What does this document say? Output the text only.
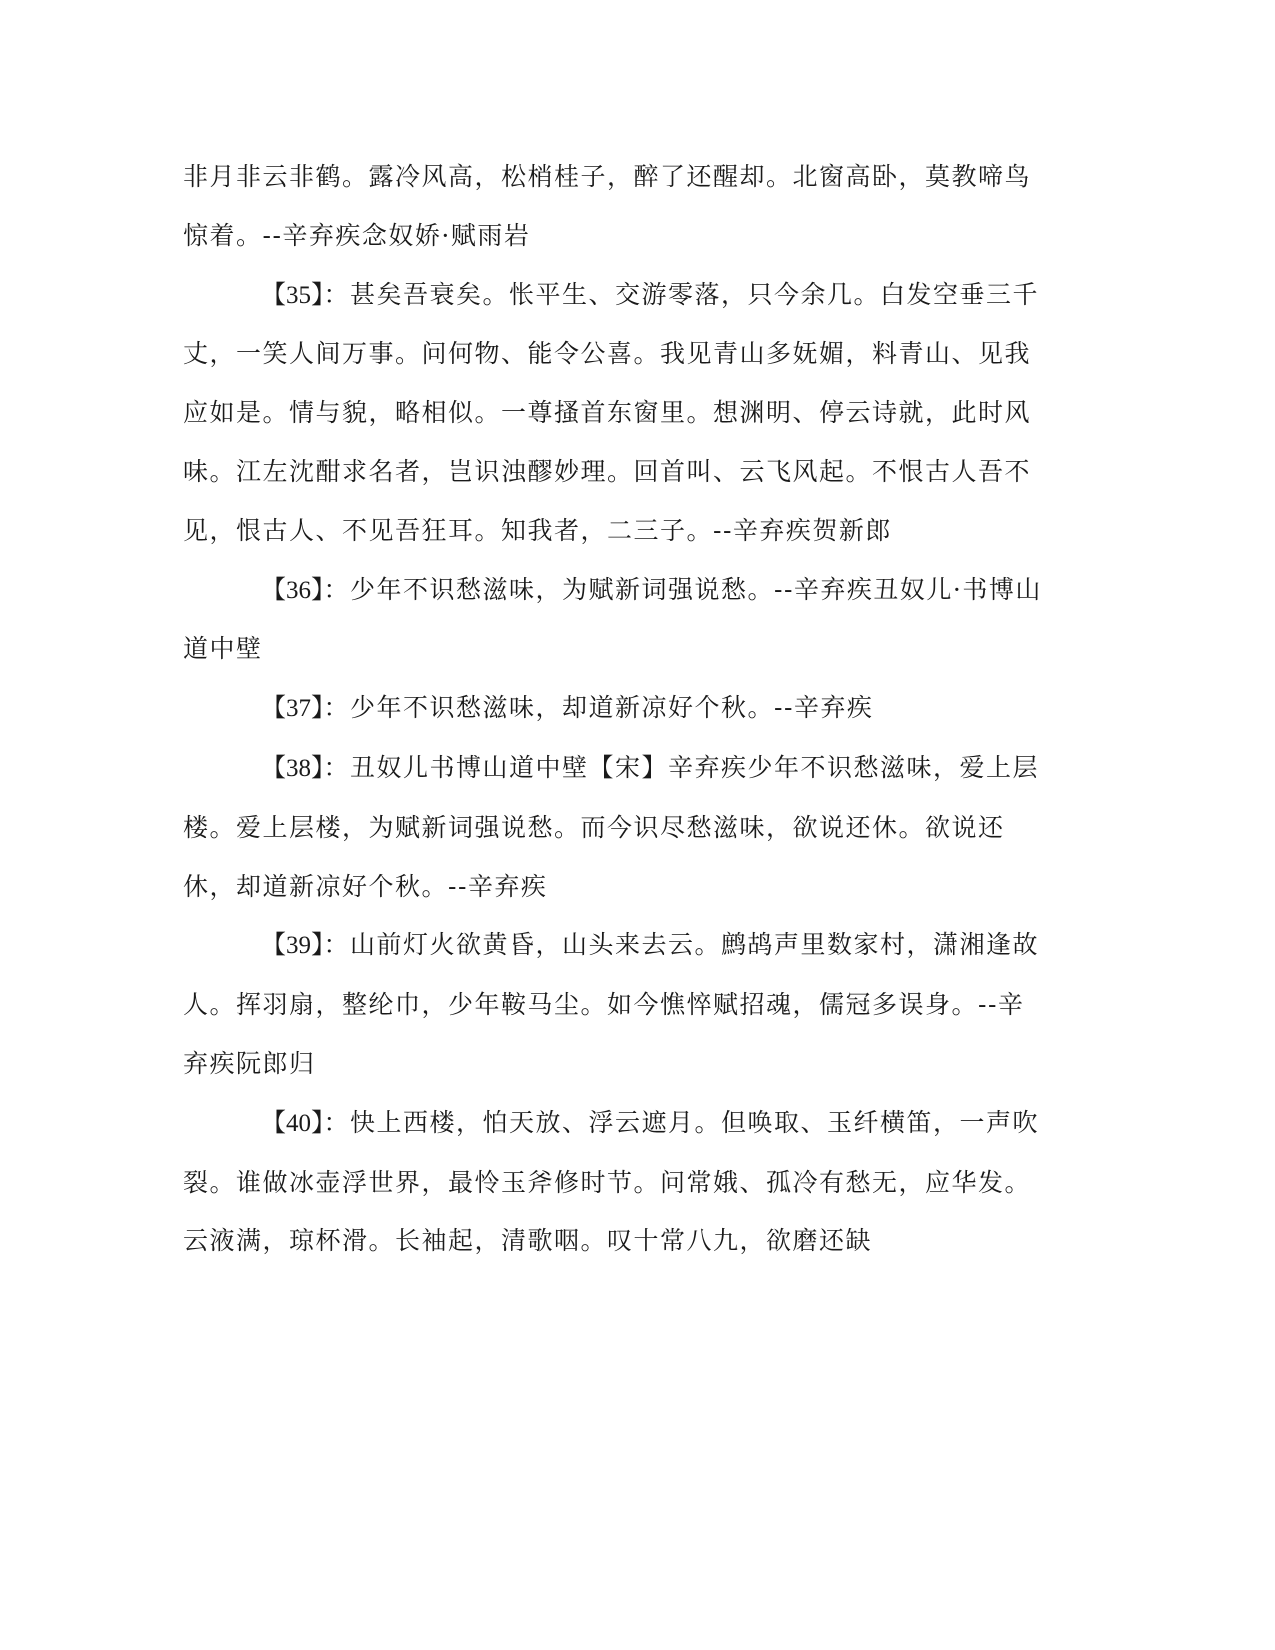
非月非云非鹤。露冷风高，松梢桂子，醉了还醒却。北窗高卧，莫教啼鸟惊着。--辛弃疾念奴娇·赋雨岩

【35】：甚矣吾衰矣。怅平生、交游零落，只今余几。白发空垂三千丈，一笑人间万事。问何物、能令公喜。我见青山多妩媚，料青山、见我应如是。情与貌，略相似。一尊搔首东窗里。想渊明、停云诗就，此时风味。江左沈酣求名者，岂识浊醪妙理。回首叫、云飞风起。不恨古人吾不见，恨古人、不见吾狂耳。知我者，二三子。--辛弃疾贺新郎

【36】：少年不识愁滋味，为赋新词强说愁。--辛弃疾丑奴儿·书博山道中壁

【37】：少年不识愁滋味，却道新凉好个秋。--辛弃疾

【38】：丑奴儿书博山道中壁【宋】辛弃疾少年不识愁滋味，爱上层楼。爱上层楼，为赋新词强说愁。而今识尽愁滋味，欲说还休。欲说还休，却道新凉好个秋。--辛弃疾

【39】：山前灯火欲黄昏，山头来去云。鹧鸪声里数家村，潇湘逢故人。挥羽扇，整纶巾，少年鞍马尘。如今憔悴赋招魂，儒冠多误身。--辛弃疾阮郎归

【40】：快上西楼，怕天放、浮云遮月。但唤取、玉纤横笛，一声吹裂。谁做冰壶浮世界，最怜玉斧修时节。问常娥、孤冷有愁无，应华发。云液满，琼杯滑。长袖起，清歌咽。叹十常八九，欲磨还缺
